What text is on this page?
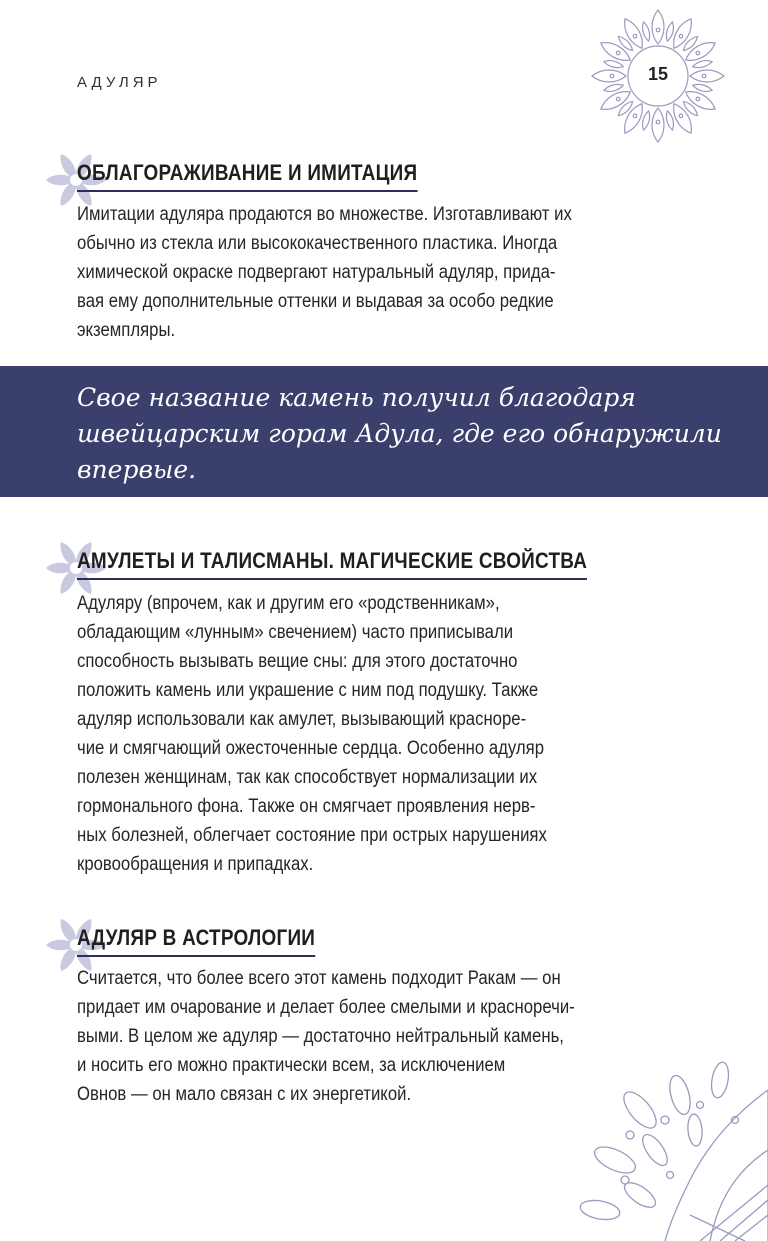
АДУЛЯР	15
ОБЛАГОРАЖИВАНИЕ И ИМИТАЦИЯ

Имитации адуляра продаются во множестве. Изготавливают их
обычно из стекла или высококачественного пластика. Иногда
химической окраске подвергают натуральный адуляр, прида-
вая ему дополнительные оттенки и выдавая за особо редкие
экземпляры.

Свое название камень получил благодаря
швейцарским горам Адула, где его обнаружили
впервые.

АМУЛЕТЫ И ТАЛИСМАНЫ. МАГИЧЕСКИЕ СВОЙСТВА

Адуляру (впрочем, как и другим его «родственникам»,
обладающим «лунным» свечением) часто приписывали
способность вызывать вещие сны: для этого достаточно
положить камень или украшение с ним под подушку. Также
адуляр использовали как амулет, вызывающий красноре-
чие и смягчающий ожесточенные сердца. Особенно адуляр
полезен женщинам, так как способствует нормализации их
гормонального фона. Также он смягчает проявления нерв-
ных болезней, облегчает состояние при острых нарушениях
кровообращения и припадках.

АДУЛЯР В АСТРОЛОГИИ

Считается, что более всего этот камень подходит Ракам — он
придает им очарование и делает более смелыми и красноречи-
выми. В целом же адуляр — достаточно нейтральный камень,
и носить его можно практически всем, за исключением
Овнов — он мало связан с их энергетикой.
